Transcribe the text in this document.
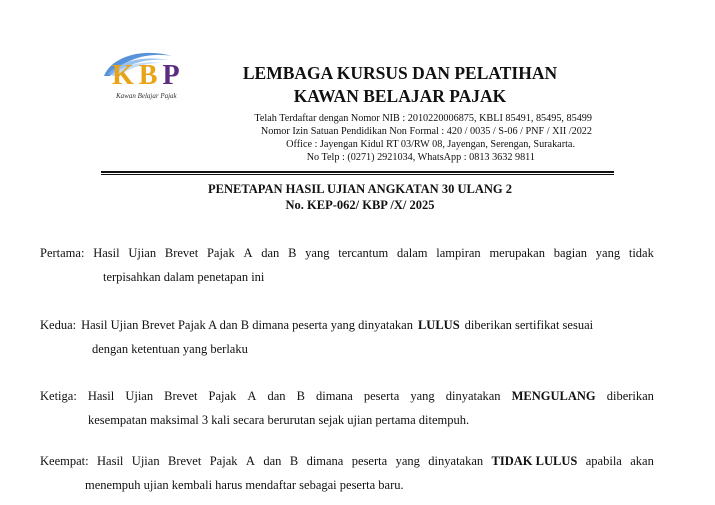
KBP
Kawan Belajar Pajak
LEMBAGA KURSUS DAN PELATIHAN
KAWAN BELAJAR PAJAK
Telah Terdaftar dengan Nomor NIB : 2010220006875, KBLI 85491, 85495, 85499
Nomor Izin Satuan Pendidikan Non Formal : 420 / 0035 / S-06 / PNF / XII /2022
Office : Jayengan Kidul RT 03/RW 08, Jayengan, Serengan, Surakarta.
No Telp : (0271) 2921034, WhatsApp : 0813 3632 9811
PENETAPAN HASIL UJIAN ANGKATAN 30 ULANG 2
No. KEP-062/ KBP /X/ 2025
Pertama: Hasil Ujian Brevet Pajak A dan B yang tercantum dalam lampiran merupakan bagian yang tidak
terpisahkan dalam penetapan ini
Kedua: Hasil Ujian Brevet Pajak A dan B dimana peserta yang dinyatakan LULUS diberikan sertifikat sesuai
dengan ketentuan yang berlaku
Ketiga: Hasil Ujian Brevet Pajak A dan B dimana peserta yang dinyatakan MENGULANG diberikan
kesempatan maksimal 3 kali secara berurutan sejak ujian pertama ditempuh.
Keempat: Hasil Ujian Brevet Pajak A dan B dimana peserta yang dinyatakan TIDAK LULUS apabila akan
menempuh ujian kembali harus mendaftar sebagai peserta baru.
